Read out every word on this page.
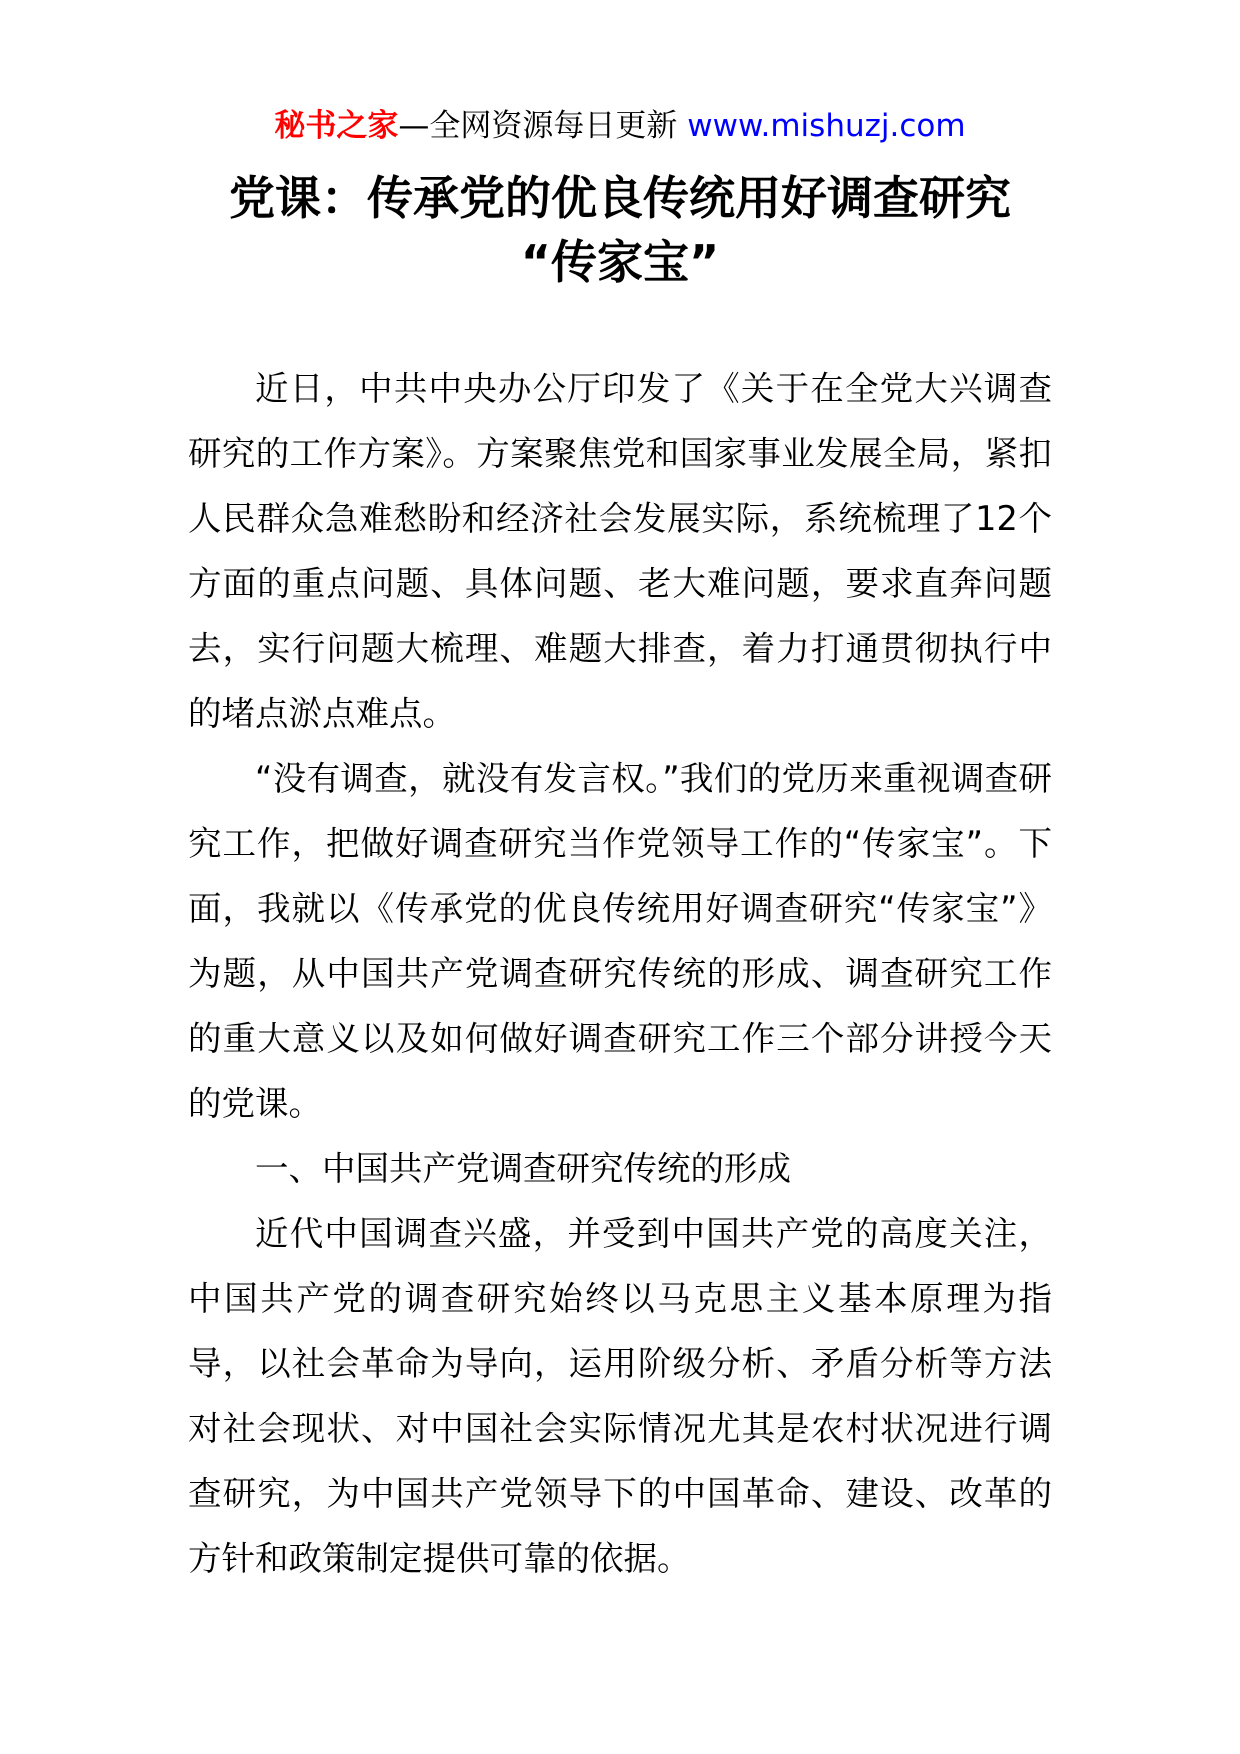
秘书之家—全网资源每日更新 www.mishuzj.com
党课：传承党的优良传统用好调查研究
“传家宝”

近日，中共中央办公厅印发了《关于在全党大兴调查研究的工作方案》。方案聚焦党和国家事业发展全局，紧扣人民群众急难愁盼和经济社会发展实际，系统梳理了12个方面的重点问题、具体问题、老大难问题，要求直奔问题去，实行问题大梳理、难题大排查，着力打通贯彻执行中的堵点淤点难点。

“没有调查，就没有发言权。”我们的党历来重视调查研究工作，把做好调查研究当作党领导工作的“传家宝”。下面，我就以《传承党的优良传统用好调查研究“传家宝”》为题，从中国共产党调查研究传统的形成、调查研究工作的重大意义以及如何做好调查研究工作三个部分讲授今天的党课。

一、中国共产党调查研究传统的形成

近代中国调查兴盛，并受到中国共产党的高度关注，中国共产党的调查研究始终以马克思主义基本原理为指导，以社会革命为导向，运用阶级分析、矛盾分析等方法对社会现状、对中国社会实际情况尤其是农村状况进行调查研究，为中国共产党领导下的中国革命、建设、改革的方针和政策制定提供可靠的依据。
